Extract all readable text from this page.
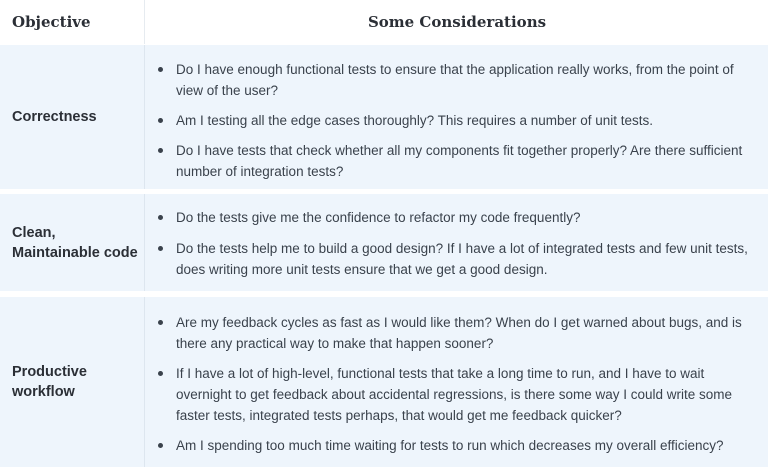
Objective	Some Considerations
Correctness
Do I have enough functional tests to ensure that the application really works, from the point of view of the user?
Am I testing all the edge cases thoroughly? This requires a number of unit tests.
Do I have tests that check whether all my components fit together properly? Are there sufficient number of integration tests?
Clean,
Maintainable code
Do the tests give me the confidence to refactor my code frequently?
Do the tests help me to build a good design? If I have a lot of integrated tests and few unit tests, does writing more unit tests ensure that we get a good design.
Productive
workflow
Are my feedback cycles as fast as I would like them? When do I get warned about bugs, and is there any practical way to make that happen sooner?
If I have a lot of high-level, functional tests that take a long time to run, and I have to wait overnight to get feedback about accidental regressions, is there some way I could write some faster tests, integrated tests perhaps, that would get me feedback quicker?
Am I spending too much time waiting for tests to run which decreases my overall efficiency?
